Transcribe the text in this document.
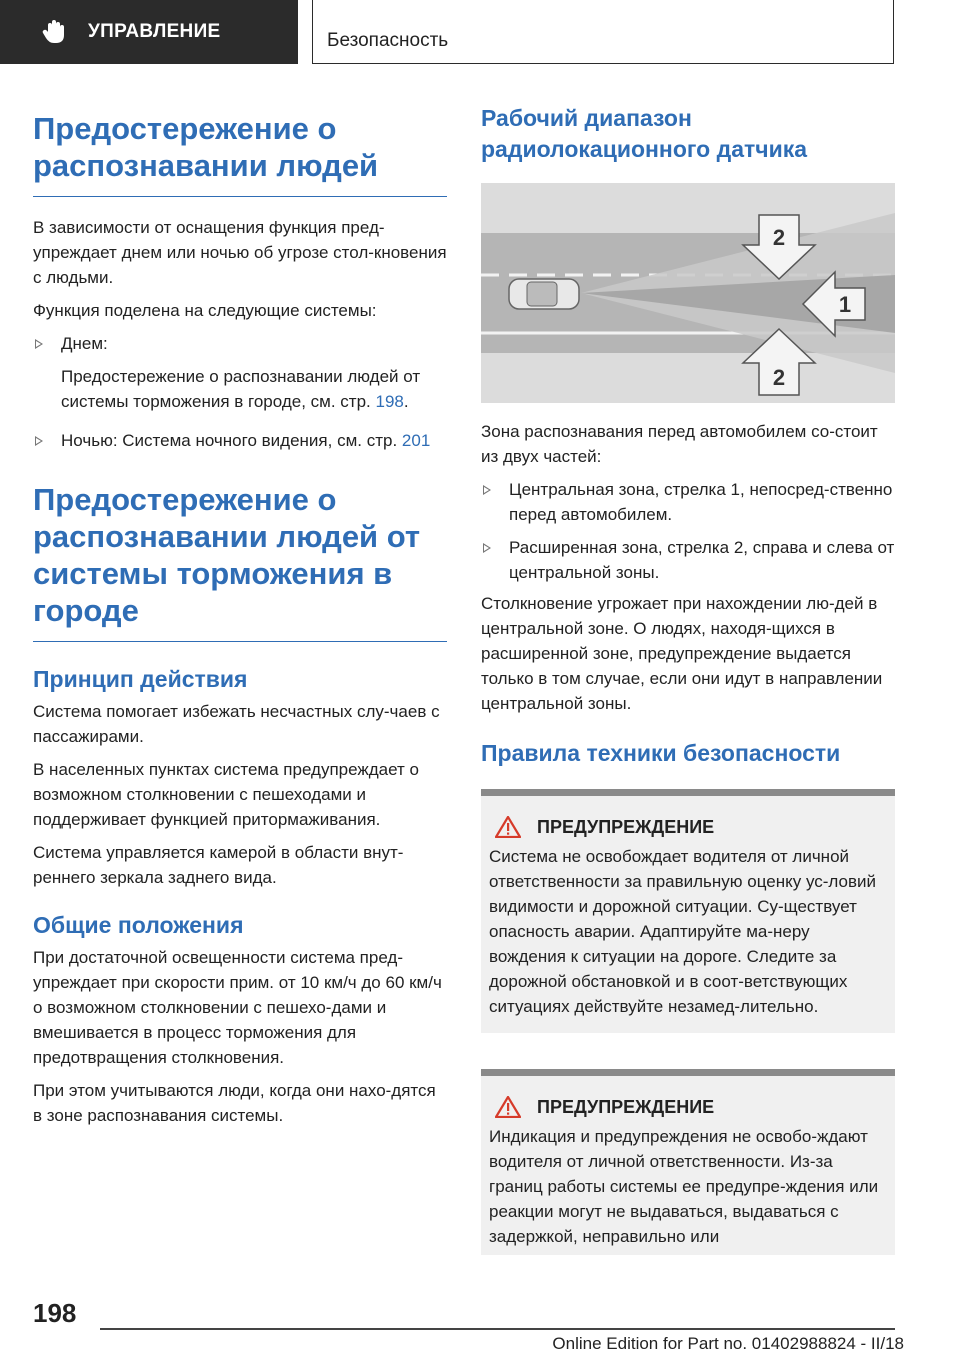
УПРАВЛЕНИЕ	Безопасность
Предостережение о распознавании людей

В зависимости от оснащения функция пред-упреждает днем или ночью об угрозе стол-кновения с людьми.

Функция поделена на следующие системы:

Днем:
Предостережение о распознавании людей от системы торможения в городе, см. стр. 198.
Ночью: Система ночного видения, см. стр. 201
Предостережение о распознавании людей от системы торможения в городе
Принцип действия

Система помогает избежать несчастных слу-чаев с пассажирами.

В населенных пунктах система предупреждает о возможном столкновении с пешеходами и поддерживает функцией притормаживания.

Система управляется камерой в области внут-реннего зеркала заднего вида.

Общие положения

При достаточной освещенности система пред-упреждает при скорости прим. от 10 км/ч до 60 км/ч о возможном столкновении с пешехо-дами и вмешивается в процесс торможения для предотвращения столкновения.

При этом учитываются люди, когда они нахо-дятся в зоне распознавания системы.

Рабочий диапазон радиолокационного датчика
2
1
2

Зона распознавания перед автомобилем со-стоит из двух частей:

Центральная зона, стрелка 1, непосред-ственно перед автомобилем.
Расширенная зона, стрелка 2, справа и слева от центральной зоны.

Столкновение угрожает при нахождении лю-дей в центральной зоне. О людях, находя-щихся в расширенной зоне, предупреждение выдается только в том случае, если они идут в направлении центральной зоны.

Правила техники безопасности
ПРЕДУПРЕЖДЕНИЕ

Система не освобождает водителя от личной ответственности за правильную оценку ус-ловий видимости и дорожной ситуации. Су-ществует опасность аварии. Адаптируйте ма-неру вождения к ситуации на дороге. Следите за дорожной обстановкой и в соот-ветствующих ситуациях действуйте незамед-лительно.

ПРЕДУПРЕЖДЕНИЕ

Индикация и предупреждения не освобо-ждают водителя от личной ответственности. Из-за границ работы системы ее предупре-ждения или реакции могут не выдаваться, выдаваться с задержкой, неправильно или

198
Online Edition for Part no. 01402988824 - II/18
